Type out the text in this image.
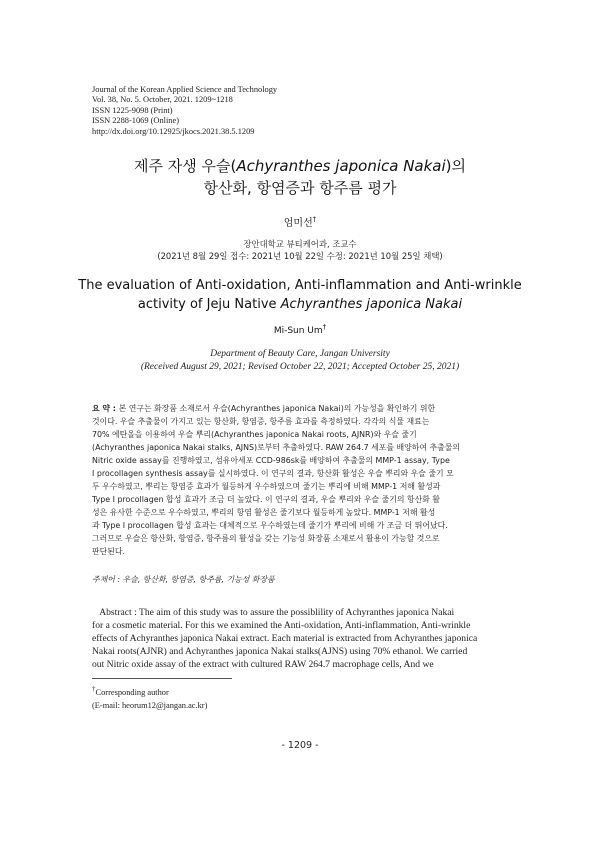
Journal of the Korean Applied Science and Technology
Vol. 38, No. 5. October, 2021. 1209~1218
ISSN 1225-9098 (Print)
ISSN 2288-1069 (Online)
http://dx.doi.org/10.12925/jkocs.2021.38.5.1209
제주 자생 우슬(Achyranthes japonica Nakai)의
항산화, 항염증과 항주름 평가
엄미선†
장안대학교 뷰티케어과, 조교수
(2021년 8월 29일 접수: 2021년 10월 22일 수정: 2021년 10월 25일 채택)
The evaluation of Anti-oxidation, Anti-inflammation and Anti-wrinkle
activity of Jeju Native Achyranthes japonica Nakai
Mi-Sun Um†
Department of Beauty Care, Jangan University
(Received August 29, 2021; Revised October 22, 2021; Accepted October 25, 2021)
요 약 : 본 연구는 화장품 소재로서 우슬(Achyranthes japonica Nakai)의 가능성을 확인하기 위한
것이다. 우슬 추출물이 가지고 있는 항산화, 항염증, 항주름 효과를 측정하였다. 각각의 식물 재료는
70% 에탄올을 이용하여 우슬 뿌리(Achyranthes japonica Nakai roots, AJNR)와 우슬 줄기
(Achyranthes japonica Nakai stalks, AJNS)로부터 추출하였다. RAW 264.7 세포를 배양하여 추출물의
Nitric oxide assay를 진행하였고, 섬유아세포 CCD-986sk를 배양하여 추출물의 MMP-1 assay, Type
I procollagen synthesis assay를 실시하였다. 이 연구의 결과, 항산화 활성은 우슬 뿌리와 우슬 줄기 모
두 우수하였고, 뿌리는 항염증 효과가 월등하게 우수하였으며 줄기는 뿌리에 비해 MMP-1 저해 활성과
Type I procollagen 합성 효과가 조금 더 높았다. 이 연구의 결과, 우슬 뿌리와 우슬 줄기의 항산화 활
성은 유사한 수준으로 우수하였고, 뿌리의 항염 활성은 줄기보다 월등하게 높았다. MMP-1 저해 활성
과 Type I procollagen 합성 효과는 대체적으로 우수하였는데 줄기가 뿌리에 비해 가 조금 더 뛰어났다.
그러므로 우슬은 항산화, 항염증, 항주름의 활성을 갖는 기능성 화장품 소재로서 활용이 가능할 것으로
판단된다.
주제어 : 우슬, 항산화, 항염증, 항주름, 기능성 화장품
Abstract : The aim of this study was to assure the possiblility of Achyranthes japonica Nakai
for a cosmetic material. For this we examined the Anti-oxidation, Anti-inflammation, Anti-wrinkle
effects of Achyranthes japonica Nakai extract. Each material is extracted from Achyranthes japonica
Nakai roots(AJNR) and Achyranthes japonica Nakai stalks(AJNS) using 70% ethanol. We carried
out Nitric oxide assay of the extract with cultured RAW 264.7 macrophage cells, And we
†Corresponding author
(E-mail: heorum12@jangan.ac.kr)
- 1209 -
